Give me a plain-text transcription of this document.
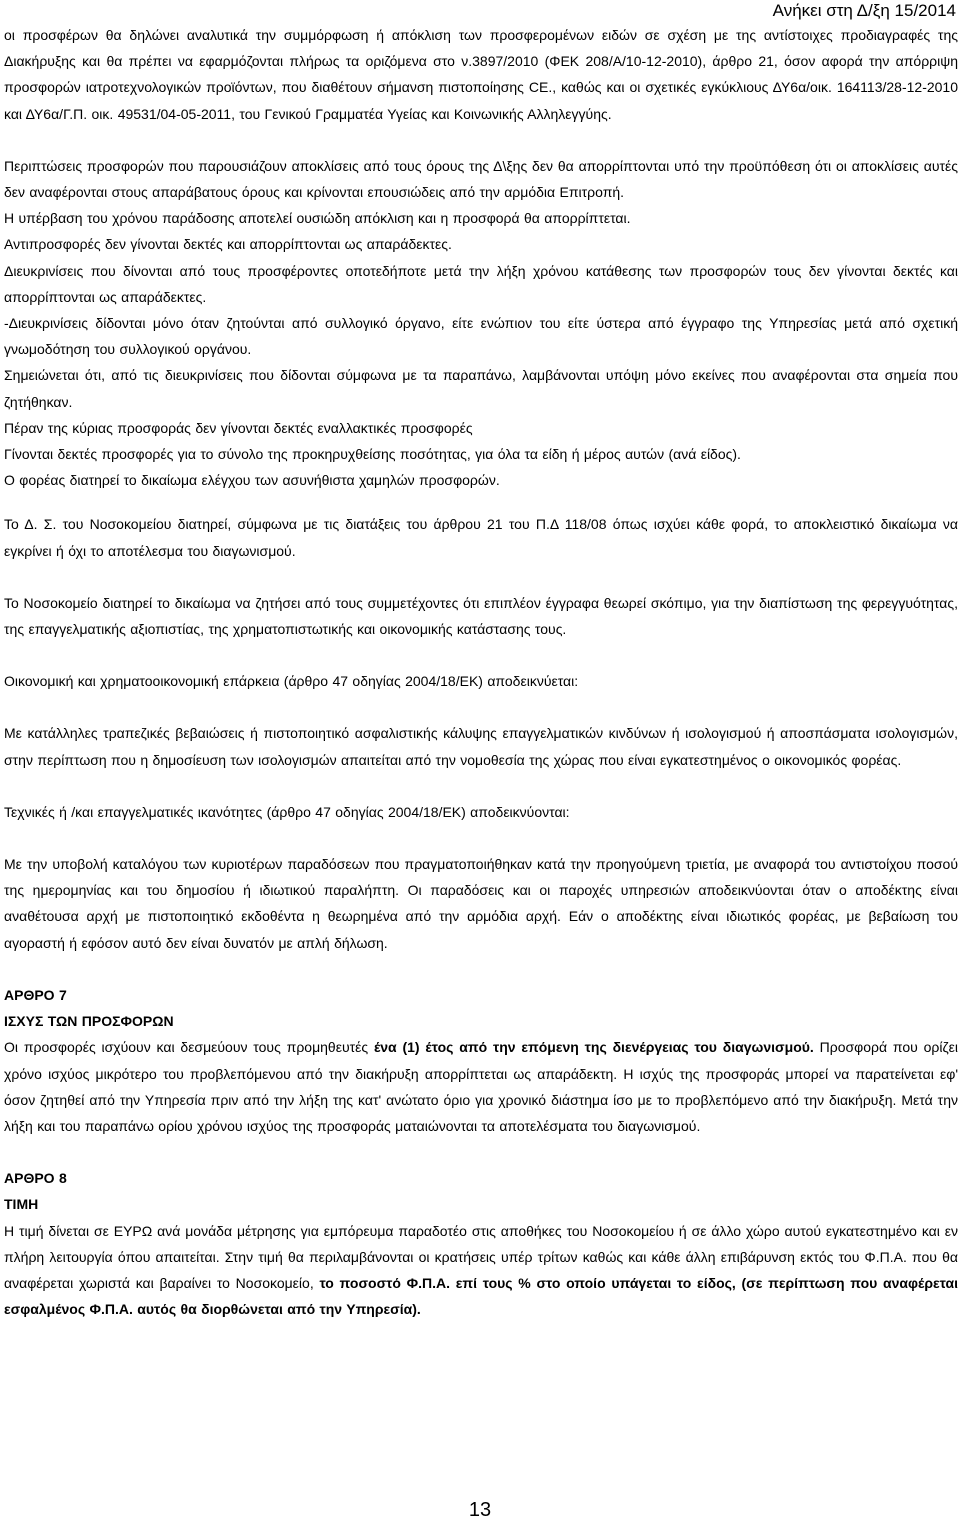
Ανήκει στη Δ/ξη 15/2014

οι προσφέρων θα δηλώνει αναλυτικά την συμμόρφωση ή απόκλιση των προσφερομένων ειδών σε σχέση με της αντίστοιχες προδιαγραφές της Διακήρυξης και θα πρέπει να εφαρμόζονται πλήρως τα οριζόμενα στο ν.3897/2010 (ΦΕΚ 208/Α/10-12-2010), άρθρο 21, όσον αφορά την απόρριψη προσφορών ιατροτεχνολογικών προϊόντων, που διαθέτουν σήμανση πιστοποίησης CE., καθώς και οι σχετικές εγκύκλιους ΔΥ6α/οικ. 164113/28-12-2010 και ΔΥ6α/Γ.Π. οικ. 49531/04-05-2011, του Γενικού Γραμματέα Υγείας και Κοινωνικής Αλληλεγγύης.

Περιπτώσεις προσφορών που παρουσιάζουν αποκλίσεις από τους όρους της Δ\ξης δεν θα απορρίπτονται υπό την προϋπόθεση ότι οι αποκλίσεις αυτές δεν αναφέρονται στους απαράβατους όρους και κρίνονται επουσιώδεις από την αρμόδια Επιτροπή.

Η υπέρβαση του χρόνου παράδοσης αποτελεί ουσιώδη απόκλιση και η προσφορά θα απορρίπτεται.

Αντιπροσφορές δεν γίνονται δεκτές και απορρίπτονται ως απαράδεκτες.

Διευκρινίσεις που δίνονται από τους προσφέροντες οποτεδήποτε μετά την λήξη χρόνου κατάθεσης των προσφορών τους δεν γίνονται δεκτές και απορρίπτονται ως απαράδεκτες.

-Διευκρινίσεις δίδονται μόνο όταν ζητούνται από συλλογικό όργανο, είτε ενώπιον του είτε ύστερα από έγγραφο της Υπηρεσίας μετά από σχετική γνωμοδότηση του συλλογικού οργάνου.

Σημειώνεται ότι, από τις διευκρινίσεις που δίδονται σύμφωνα με τα παραπάνω, λαμβάνονται υπόψη μόνο εκείνες που αναφέρονται στα σημεία που ζητήθηκαν.

Πέραν της κύριας προσφοράς δεν γίνονται δεκτές εναλλακτικές προσφορές

Γίνονται δεκτές προσφορές για το σύνολο της προκηρυχθείσης ποσότητας, για όλα τα είδη ή μέρος αυτών (ανά είδος).

Ο φορέας διατηρεί το δικαίωμα ελέγχου των ασυνήθιστα χαμηλών προσφορών.

Το Δ. Σ. του Νοσοκομείου διατηρεί, σύμφωνα με τις διατάξεις του άρθρου 21 του Π.Δ 118/08 όπως ισχύει κάθε φορά, το αποκλειστικό δικαίωμα να εγκρίνει ή όχι το αποτέλεσμα του διαγωνισμού.

Το Νοσοκομείο διατηρεί το δικαίωμα να ζητήσει από τους συμμετέχοντες ότι επιπλέον έγγραφα θεωρεί σκόπιμο, για την διαπίστωση της φερεγγυότητας, της επαγγελματικής αξιοπιστίας, της χρηματοπιστωτικής και οικονομικής κατάστασης τους.

Οικονομική και χρηματοοικονομική επάρκεια (άρθρο 47 οδηγίας 2004/18/ΕΚ) αποδεικνύεται:

Με κατάλληλες τραπεζικές βεβαιώσεις ή πιστοποιητικό ασφαλιστικής κάλυψης επαγγελματικών κινδύνων ή ισολογισμού ή αποσπάσματα ισολογισμών, στην περίπτωση που η δημοσίευση των ισολογισμών απαιτείται από την νομοθεσία της χώρας που είναι εγκατεστημένος ο οικονομικός φορέας.

Τεχνικές ή /και επαγγελματικές ικανότητες (άρθρο 47 οδηγίας 2004/18/ΕΚ) αποδεικνύονται:

Με την υποβολή καταλόγου των κυριοτέρων παραδόσεων που πραγματοποιήθηκαν κατά την προηγούμενη τριετία, με αναφορά του αντιστοίχου ποσού της ημερομηνίας και του δημοσίου ή ιδιωτικού παραλήπτη. Οι παραδόσεις και οι παροχές υπηρεσιών αποδεικνύονται όταν ο αποδέκτης είναι αναθέτουσα αρχή με πιστοποιητικό εκδοθέντα η θεωρημένα από την αρμόδια αρχή. Εάν ο αποδέκτης είναι ιδιωτικός φορέας, με βεβαίωση του αγοραστή ή εφόσον αυτό δεν είναι δυνατόν με απλή δήλωση.

ΑΡΘΡΟ 7

ΙΣΧΥΣ ΤΩΝ ΠΡΟΣΦΟΡΩΝ

Οι προσφορές ισχύουν και δεσμεύουν τους προμηθευτές ένα (1) έτος από την επόμενη της διενέργειας του διαγωνισμού. Προσφορά που ορίζει χρόνο ισχύος μικρότερο του προβλεπόμενου από την διακήρυξη απορρίπτεται ως απαράδεκτη. Η ισχύς της προσφοράς μπορεί να παρατείνεται εφ' όσον ζητηθεί από την Υπηρεσία πριν από την λήξη της κατ' ανώτατο όριο για χρονικό διάστημα ίσο με το προβλεπόμενο από την διακήρυξη. Μετά την λήξη και του παραπάνω ορίου χρόνου ισχύος της προσφοράς ματαιώνονται τα αποτελέσματα του διαγωνισμού.

ΑΡΘΡΟ 8

ΤΙΜΗ

Η τιμή δίνεται σε ΕΥΡΩ ανά μονάδα μέτρησης για εμπόρευμα παραδοτέο στις αποθήκες του Νοσοκομείου ή σε άλλο χώρο αυτού εγκατεστημένο και εν πλήρη λειτουργία όπου απαιτείται. Στην τιμή θα περιλαμβάνονται οι κρατήσεις υπέρ τρίτων καθώς και κάθε άλλη επιβάρυνση εκτός του Φ.Π.Α. που θα αναφέρεται χωριστά και βαραίνει το Νοσοκομείο, το ποσοστό Φ.Π.Α. επί τους % στο οποίο υπάγεται το είδος, (σε περίπτωση που αναφέρεται εσφαλμένος Φ.Π.Α. αυτός θα διορθώνεται από την Υπηρεσία).

13
